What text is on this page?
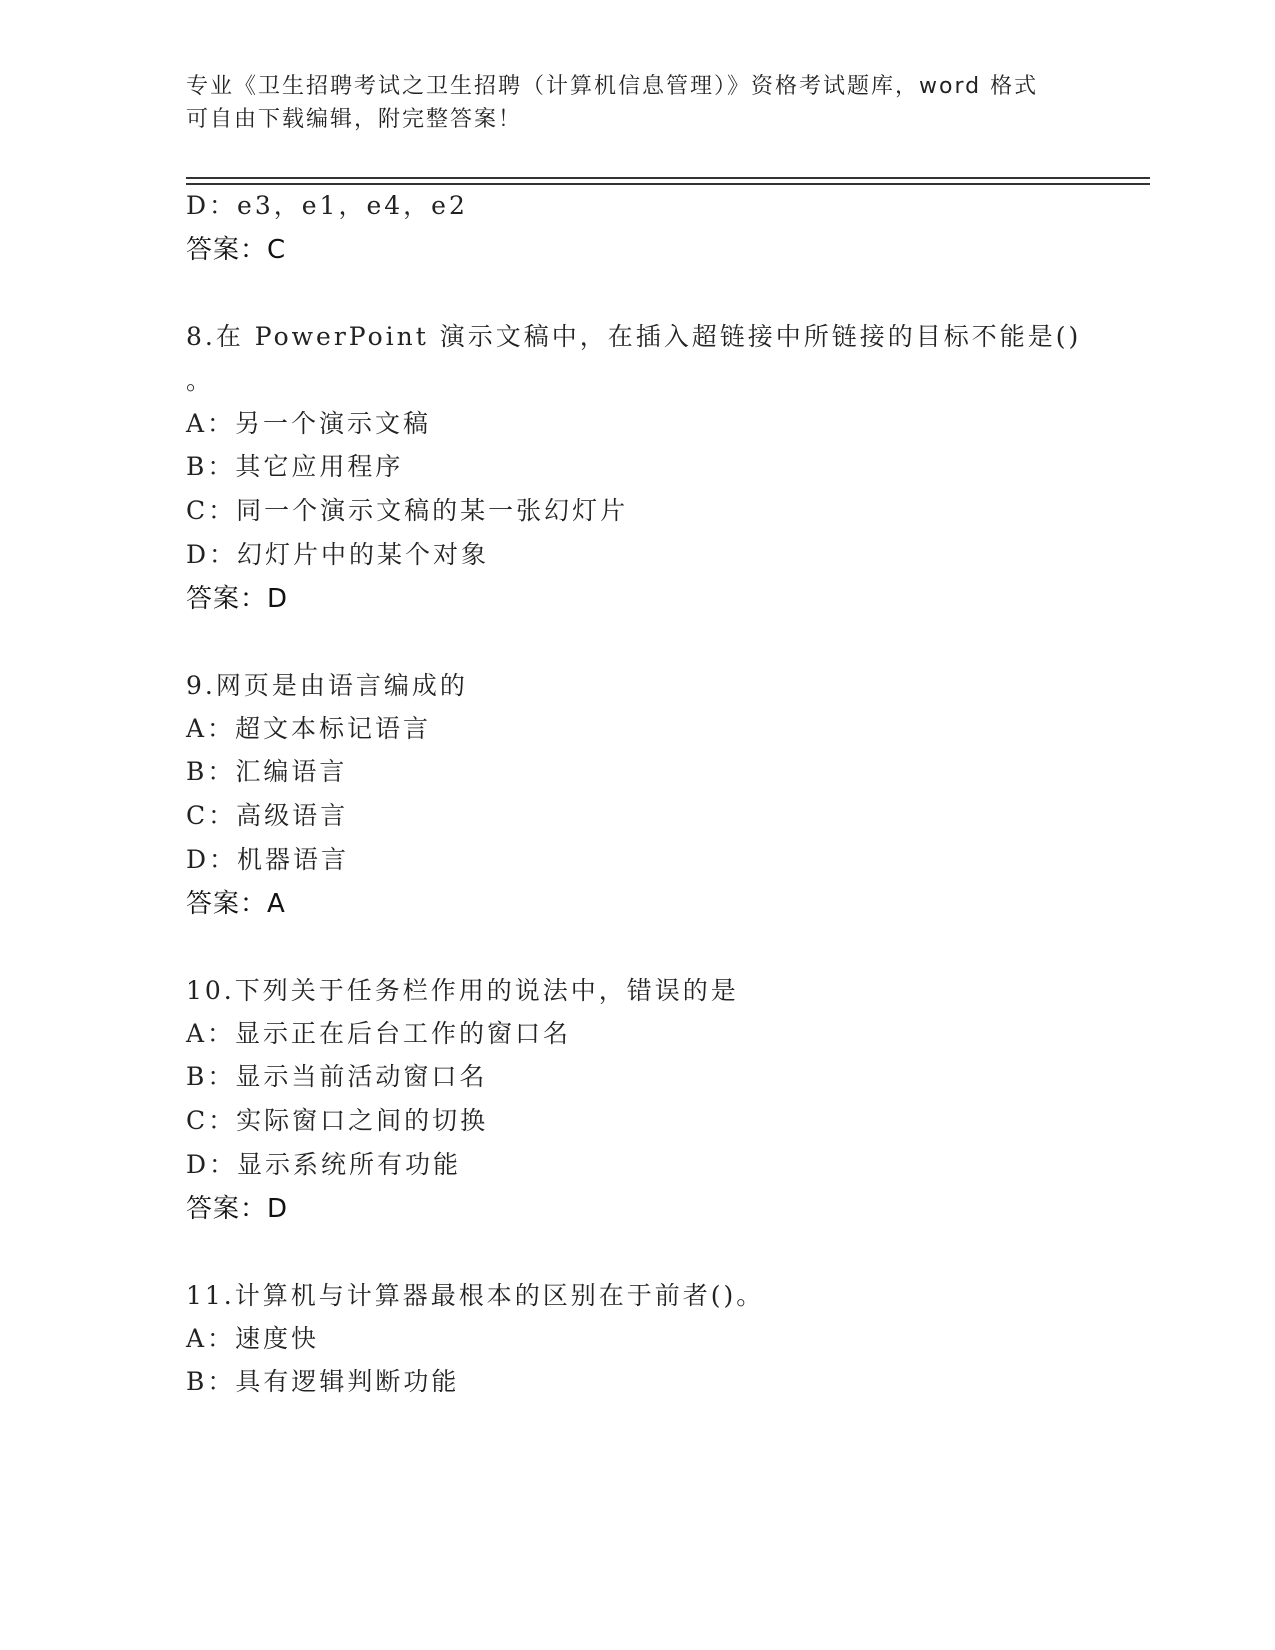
专业《卫生招聘考试之卫生招聘（计算机信息管理）》资格考试题库，word 格式
可自由下载编辑，附完整答案！
D：e3，e1，e4，e2
答案：C
8.在 PowerPoint 演示文稿中，在插入超链接中所链接的目标不能是()
。
A：另一个演示文稿
B：其它应用程序
C：同一个演示文稿的某一张幻灯片
D：幻灯片中的某个对象
答案：D
9.网页是由语言编成的
A：超文本标记语言
B：汇编语言
C：高级语言
D：机器语言
答案：A
10.下列关于任务栏作用的说法中，错误的是
A：显示正在后台工作的窗口名
B：显示当前活动窗口名
C：实际窗口之间的切换
D：显示系统所有功能
答案：D
11.计算机与计算器最根本的区别在于前者()。
A：速度快
B：具有逻辑判断功能
